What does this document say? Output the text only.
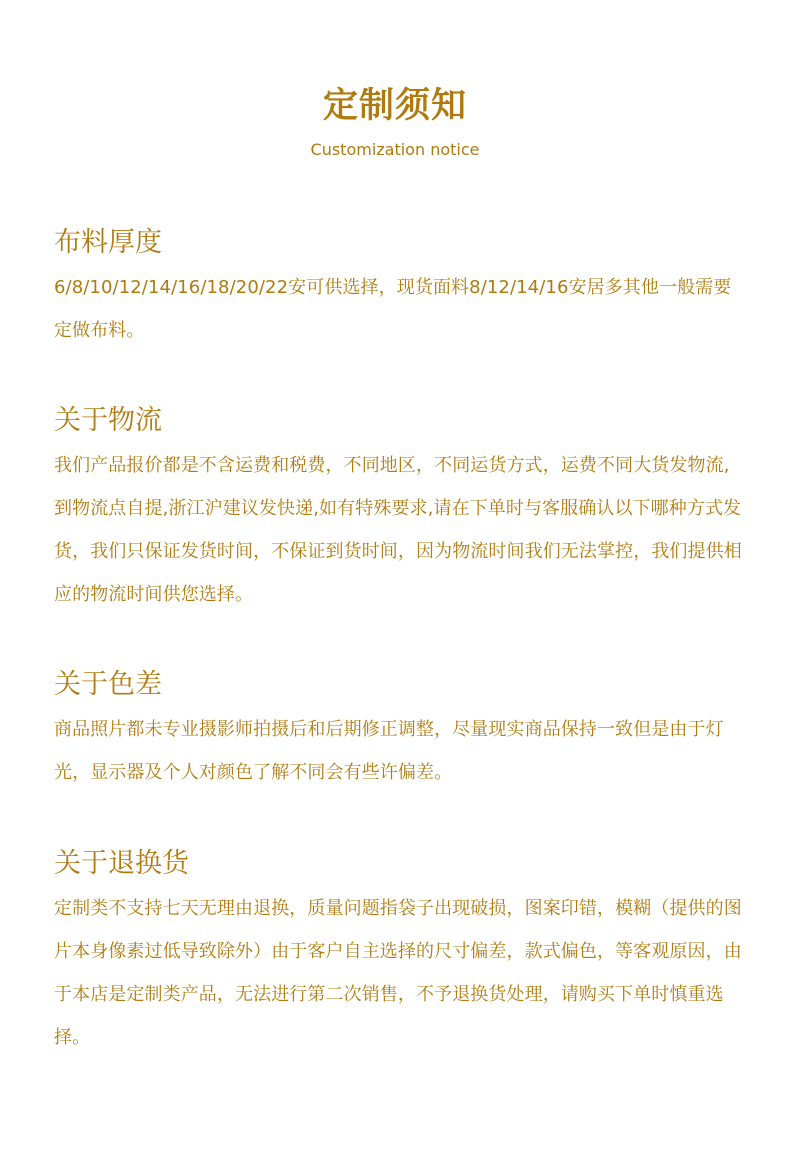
定制须知
Customization notice
布料厚度

6/8/10/12/14/16/18/20/22安可供选择，现货面料8/12/14/16安居多其他一般需要定做布料。

关于物流

我们产品报价都是不含运费和税费，不同地区，不同运货方式，运费不同大货发物流,到物流点自提,浙江沪建议发快递,如有特殊要求,请在下单时与客服确认以下哪种方式发货，我们只保证发货时间，不保证到货时间，因为物流时间我们无法掌控，我们提供相应的物流时间供您选择。

关于色差

商品照片都未专业摄影师拍摄后和后期修正调整，尽量现实商品保持一致但是由于灯光，显示器及个人对颜色了解不同会有些许偏差。

关于退换货

定制类不支持七天无理由退换，质量问题指袋子出现破损，图案印错，模糊（提供的图片本身像素过低导致除外）由于客户自主选择的尺寸偏差，款式偏色，等客观原因，由于本店是定制类产品，无法进行第二次销售，不予退换货处理，请购买下单时慎重选择。
